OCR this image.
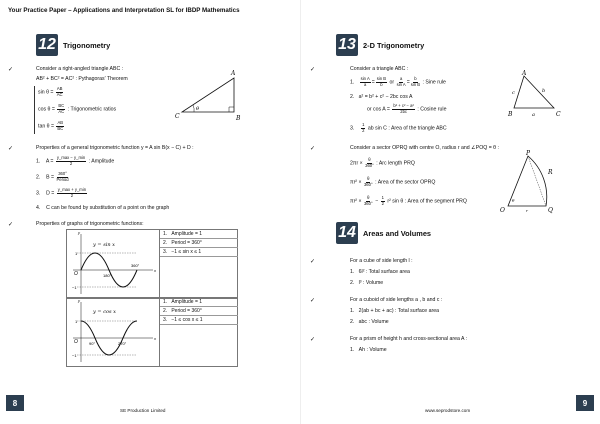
Your Practice Paper – Applications and Interpretation SL for IBDP Mathematics
12 Trigonometry
✓	Consider a right-angled triangle ABC :
AB² + BC² = AC² : Pythagoras' Theorem
$\sin \theta = \frac{AB}{AC}$
$\cos \theta = \frac{BC}{AC}$ : Trigonometric ratios
$\tan \theta = \frac{AB}{BC}$
A
B
C
θ
✓	Properties of a general trigonometric function y = A sin B(x − C) + D :
1. $A = \frac{y\_\max - y\_\min}{2}$ : Amplitude
2. $B = \frac{360^\circ}{\text{Period}}$
3. $D = \frac{y\_\max + y\_\min}{2}$
4. C can be found by substitution of a point on the graph
✓	Properties of graphs of trigonometric functions:
y = sin x
180°
360°
1
−1
O
x
y	1. Amplitude = 1
2. Period = 360°
3. −1 ≤ sin x ≤ 1
y = cos x
90°	270°
1
−1
O
x
y	1. Amplitude = 1
2. Period = 360°
3. −1 ≤ cos x ≤ 1
8
SE Production Limited
13 2-D Trigonometry
✓	Consider a triangle ABC :
1. $\frac{\text{sin A}}{a} = \frac{\text{sin B}}{b}$ or $\frac{a}{\text{sin A}} = \frac{b}{\text{sin B}}$ : Sine rule
2. a² = b² + c² − 2bc cos A
or $\cos A = \frac{\text{b² + c² − a²}}{2bc}$ : Cosine rule
3. $\frac{1}{2}$ ab sin C : Area of the triangle ABC
A
B	C
a
b
c
✓	Consider a sector OPRQ with centre O, radius r and ∠POQ = θ :
$2\pi r \times \frac{\theta}{360^\circ}$ : Arc length PRQ
$\pi r^2 \times \frac{\theta}{360^\circ}$ : Area of the sector OPRQ
$\pi r^2 \times \frac{\theta}{360^\circ} - \frac{1}{2} r^2$ sin θ : Area of the segment PRQ
P
R
O	Q
r
θ
14 Areas and Volumes
✓	For a cube of side length l :
1. 6l² : Total surface area
2. l³ : Volume
✓	For a cuboid of side lengths a , b and c :
1. 2(ab + bc + ac) : Total surface area
2. abc : Volume
✓	For a prism of height h and cross-sectional area A :
1. Ah : Volume
www.seprodstore.com
9
